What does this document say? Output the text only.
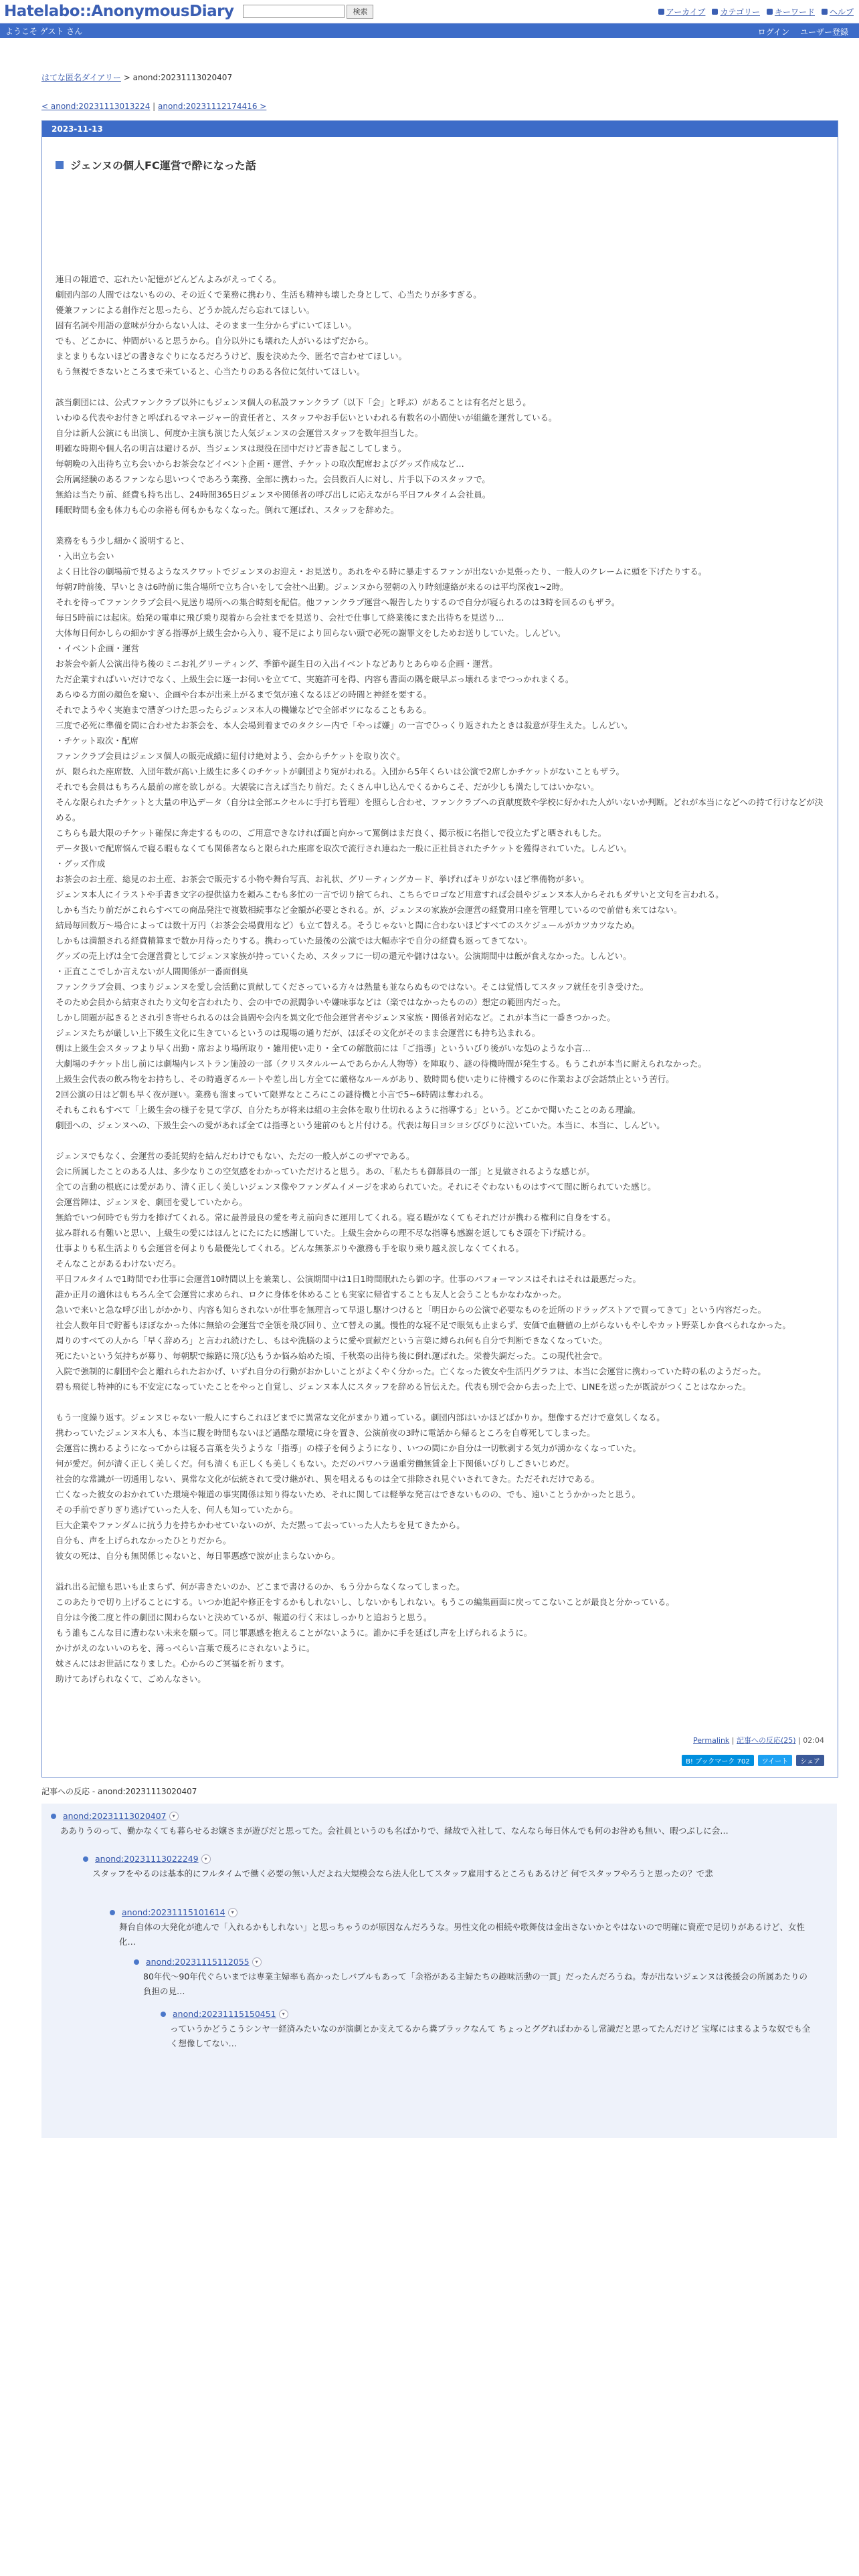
Hatelabo::AnonymousDiary	検索	アーカイブ カテゴリー キーワード ヘルプ
ようこそ ゲスト さん	ログイン ユーザー登録
はてな匿名ダイアリー > anond:20231113020407
< anond:20231113013224 | anond:20231112174416 >
2023-11-13
ジェンヌの個人FC運営で酔になった話

連日の報道で、忘れたい記憶がどんどんよみがえってくる。

劇団内部の人間ではないものの、その近くで業務に携わり、生活も精神も壊した身として、心当たりが多すぎる。

優兼ファンによる創作だと思ったら、どうか読んだら忘れてほしい。

固有名詞や用語の意味が分からない人は、そのまま一生分からずにいてほしい。

でも、どこかに、仲間がいると思うから。自分以外にも壊れた人がいるはずだから。

まとまりもないほどの書きなぐりになるだろうけど、腹を決めた今、匿名で言わせてほしい。

もう無視できないところまで来ていると、心当たりのある各位に気付いてほしい。

該当劇団には、公式ファンクラブ以外にもジェンヌ個人の私設ファンクラブ（以下「会」と呼ぶ）があることは有名だと思う。

いわゆる代表やお付きと呼ばれるマネージャー的責任者と、スタッフやお手伝いといわれる有数名の小間使いが組織を運営している。

自分は新人公演にも出演し、何度か主演も演じた人気ジェンヌの会運営スタッフを数年担当した。

明確な時期や個人名の明言は避けるが、当ジェンヌは現役在団中だけど書き起こしてしまう。

毎朝晩の入出待ち立ち会いからお茶会などイベント企画・運営、チケットの取次配席およびグッズ作成など…

会所属経験のあるファンなら思いつくであろう業務、全部に携わった。会員数百人に対し、片手以下のスタッフで。

無給は当たり前、経費も持ち出し、24時間365日ジェンヌや関係者の呼び出しに応えながら平日フルタイム会社員。

睡眠時間も金も体力も心の余裕も何もかもなくなった。倒れて運ばれ、スタッフを辞めた。

業務をもう少し細かく説明すると、

・入出立ち会い

よく日比谷の劇場前で見るようなスクワットでジェンヌのお迎え・お見送り。あれをやる時に暴走するファンが出ないか見張ったり、一般人のクレームに頭を下げたりする。

毎朝7時前後、早いときは6時前に集合場所で立ち合いをして会社へ出勤。ジェンヌから翌朝の入り時刻連絡が来るのは平均深夜1~2時。

それを待ってファンクラブ会員へ見送り場所への集合時刻を配信。他ファンクラブ運営へ報告したりするので自分が寝られるのは3時を回るのもザラ。

毎日5時前には起床。始発の電車に飛び乗り現着から会社までを見送り、会社で仕事して終業後にまた出待ちを見送り…

大体毎日何かしらの細かすぎる指導が上級生会から入り、寝不足により回らない頭で必死の謝罪文をしためお送りしていた。しんどい。

・イベント企画・運営

お茶会や新人公演出待ち後のミニお礼グリーティング、季節や誕生日の入出イベントなどありとあらゆる企画・運営。

ただ企業すればいいだけでなく、上級生会に逐一お伺いを立てて、実施許可を得、内容も書面の隅を厳早ぶっ壊れるまでつっかれまくる。

あらゆる方面の顔色を窺い、企画や台本が出来上がるまで気が遠くなるほどの時間と神経を要する。

それでようやく実施まで漕ぎつけた思ったらジェンヌ本人の機嫌などで全部ボツになることもある。

三度で必死に準備を間に合わせたお茶会を、本人会場到着までのタクシー内で「やっぱ嫌」の一言でひっくり返されたときは殺意が芽生えた。しんどい。

・チケット取次・配席

ファンクラブ会員はジェンヌ個人の販売成績に紐付け絶対よう、会からチケットを取り次ぐ。

が、限られた座席数、入団年数が高い上級生に多くのチケットが劇団より宛がわれる。入団から5年くらいは公演で2席しかチケットがないこともザラ。

それでも会員はもちろん最前の席を欲しがる。大袈裟に言えば当たり前だ。たくさん申し込んでくるからこそ、だが少しも満たしてはいかない。

そんな限られたチケットと大量の申込データ（自分は全部エクセルに手打ち管理）を照らし合わせ、ファンクラブへの貢献度数や学校に好かれた人がいないか判断。どれが本当になどへの持て行けなどが決める。

こちらも最大限のチケット確保に奔走するものの、ご用意できなければ面と向かって罵倒はまだ良く、掲示板に名指しで役立たずと晒されもした。

データ扱いで配席悩んで寝る暇もなくても関係者ならと限られた座席を取次で流行され連ねた一般に正社員されたチケットを獲得されていた。しんどい。

・グッズ作成

お茶会のお土産、総見のお土産、お茶会で販売する小物や舞台写真、お礼状、グリーティングカード、挙げればキリがないほど準備物が多い。

ジェンヌ本人にイラストや手書き文字の提供協力を頼みこむも多忙の一言で切り捨てられ、こちらでロゴなど用意すれば会員やジェンヌ本人からそれもダサいと文句を言われる。

しかも当たり前だがこれらすべての商品発注で複数相続事など金額が必要とされる。が、ジェンヌの家族が会運営の経費用口座を管理しているので前借も来てはない。

結局毎回数万〜場合によっては数十万円（お茶会会場費用など）も立て替える。そうじゃないと間に合わないほどすべてのスケジュールがカツカツなため。

しかもは満額される経費精算まで数か月待ったりする。携わっていた最後の公演では大幅赤字で自分の経費も返ってきてない。

グッズの売上げは全て会運営費としてジェンヌ家族が持っていくため、スタッフに一切の還元や儲けはない。公演期間中は飯が食えなかった。しんどい。

・正直ここでしか言えないが人間関係が一番面倒臭

ファンクラブ会員、つまりジェンヌを愛し会活動に貢献してくださっている方々は熱量も並ならぬものではない。そこは覚悟してスタッフ就任を引き受けた。

そのため会員から結束されたり文句を言われたり、会の中での派閥争いや嫌味事などは（楽ではなかったものの）想定の範囲内だった。

しかし問題が起きるとされ引き寄せられるのは会員間や会内を異文化で他会運営者やジェンヌ家族・関係者対応など。これが本当に一番きつかった。

ジェンヌたちが厳しい上下級生文化に生きているというのは現場の通りだが、ほぼその文化がそのまま会運営にも持ち込まれる。

朝は上級生会スタッフより早く出勤・席おより場所取り・雑用使い走り・全ての解散前には「ご指導」といういびり後がいな処のような小言…

大劇場のチケット出し前には劇場内レストラン施設の一部（クリスタルルームであらかん人物等）を陣取り、謎の待機時間が発生する。もうこれが本当に耐えられなかった。

上級生会代表の飲み物をお持ちし、その時過ぎるルートや差し出し方全てに厳格なルールがあり、数時間も使い走りに待機するのに作業および会話禁止という苦行。

2回公演の日はど朝も早く夜が遅い。業務も溜まっていて限界なところにこの謎待機と小言で5~6時間は奪われる。

それもこれもすべて「上級生会の様子を見て学び、自分たちが将来は組の主会体を取り仕切れるように指導する」という。どこかで聞いたことのある理論。

劇団への、ジェンヌへの、下級生会への愛があれば全ては指導という建前のもと片付ける。代表は毎日ヨシヨシびびりに泣いていた。本当に、本当に、しんどい。

ジェンヌでもなく、会運営の委託契約を結んだわけでもない、ただの一般人がこのザマである。

会に所属したことのある人は、多少なりこの空気感をわかっていただけると思う。あの、「私たちも御幕員の一部」と見做されるような感じが。

全ての言動の根底には愛があり、清く正しく美しいジェンヌ像やファンダムイメージを求められていた。それにそぐわないものはすべて間に断られていた感じ。

会運営陣は、ジェンヌを、劇団を愛していたから。

無給でいつ何時でも労力を捧げてくれる。常に最善最良の愛を考え前向きに運用してくれる。寝る暇がなくてもそれだけが携わる権利に自身をする。

拡み群れる有難いと思い、上級生の愛にはほんとにたにたに感謝していた。上級生会からの理不尽な指導も感謝を返してもさ頭を下げ続ける。

仕事よりも私生活よりも会運営を何よりも最優先してくれる。どんな無茶ぶりや激務も手を取り乗り越え涙しなくてくれる。

そんなことがあるわけないだろ。

平日フルタイムで1時間でわ仕事に会運営10時間以上を兼業し、公演期間中は1日1時間眠れたら御の字。仕事のパフォーマンスはそれはそれは最悪だった。

誰か正月の適休はもちろん全て会運営に求められ、ロクに身体を休めることも実家に帰省することも友人と会うこともかなわなかった。

急いで来いと急な呼び出しがかかり、内容も知らされないが仕事を無理言って早退し駆けつけると「明日からの公演で必要なものを近所のドラッグストアで買ってきて」という内容だった。

社会人数年目で貯蓄もほぼなかった体に無給の会運営で全領を飛び回り、立て替えの嵐。慢性的な寝不足で眼気も止まらず、安価で血糖値の上がらないもやしやカット野菜しか食べられなかった。

周りのすべての人から「早く辞めろ」と言われ続けたし、もはや洗脳のように愛や貢献だという言葉に縛られ何も自分で判断できなくなっていた。

死にたいという気持ちが募り、毎朝駅で線路に飛び込もうか悩み始めた頃、千秋楽の出待ち後に倒れ運ばれた。栄養失調だった。この現代社会で。

入院で強制的に劇団や会と離れられたおかげ、いずれ自分の行動がおかしいことがよくやく分かった。亡くなった彼女や生活円グラフは、本当に会運営に携わっていた時の私のようだった。

碧も飛従し特神的にも不安定になっていたことをやっと自覚し、ジェンヌ本人にスタッフを辞める旨伝えた。代表も別で会から去った上で、LINEを送ったが既読がつくことはなかった。

もう一度繰り返す。ジェンヌじゃない一般人にすらこれほどまでに異常な文化がまかり通っている。劇団内部はいかほどばかりか。想像するだけで意気しくなる。

携わっていたジェンヌ本人も、本当に腹を時間もないほど過酷な環境に身を置き、公演前夜の3時に電話から帰るところを自尊死してしまった。

会運営に携わるようになってからは寝る言葉を失うような「指導」の様子を伺うようになり、いつの間にか自分は一切軟剥する気力が湧かなくなっていた。

何が愛だ。何が清く正しく美しくだ。何も清くも正しくも美しくもない。ただのパワハラ過重労働無賃金上下関係いびりしごきいじめだ。

社会的な常識が一切通用しない、異常な文化が伝統されて受け継がれ、異を唱えるものは全て排除され見ぐいされてきた。ただそれだけである。

亡くなった彼女のおかれていた環境や報道の事実関係は知り得ないため、それに関しては軽挙な発言はできないものの、でも、遠いことうかかったと思う。

その手前でぎりぎり逃げていった人を、何人も知っていたから。

巨大企業やファンダムに抗う力を持ちかわせていないのが、ただ黙って去っていった人たちを見てきたから。

自分も、声を上げられなかったひとりだから。

彼女の死は、自分も無関係じゃないと、毎日罪悪感で涙が止まらないから。

溢れ出る記憶も思いも止まらず、何が書きたいのか、どこまで書けるのか、もう分からなくなってしまった。

このあたりで切り上げることにする。いつか追記や修正をするかもしれないし、しないかもしれない。もうこの編集画面に戻ってこないことが最良と分かっている。

自分は今後二度と件の劇団に関わらないと決めているが、報道の行く末はしっかりと追おうと思う。

もう誰もこんな目に遭わない未来を願って。同じ罪悪感を抱えることがないように。誰かに手を延ばし声を上げられるように。

かけがえのないいのちを、薄っぺらい言葉で蔑ろにされないように。

妹さんにはお世話になりました。心からのご冥福を祈ります。

助けてあげられなくて、ごめんなさい。

Permalink | 記事への反応(25) | 02:04
B! ブックマーク 702	ツイート	シェア
記事への反応 - anond:20231113020407
anond:20231113020407	▾
あありうのって、働かなくても暮らせるお嬢さまが遊びだと思ってた。会社員というのも名ばかりで、縁故で入社して、なんなら毎日休んでも何のお咎めも無い、暇つぶしに会…
anond:20231113022249	▾
スタッフをやるのは基本的にフルタイムで働く必要の無い人だよね大規模会なら法人化してスタッフ雇用するところもあるけど 何でスタッフやろうと思ったの？で悲
anond:20231115101614	▾
舞台自体の大発化が進んで「入れるかもしれない」と思っちゃうのが原因なんだろうな。男性文化の相続や歌舞伎は金出さないかとやはないので明確に資産で足切りがあるけど、女性化…
anond:20231115112055	▾
80年代〜90年代ぐらいまでは専業主婦率も高かったしバブルもあって「余裕がある主婦たちの趣味活動の一貫」だったんだろうね。寿が出ないジェンヌは後援会の所属あたりの負担の見…
anond:20231115150451	▾
っていうかどうこうシンヤ一経済みたいなのが演劇とか支えてるから糞ブラックなんて ちょっとググればわかるし常識だと思ってたんだけど 宝塚にはまるような奴でも全く想像してない…
